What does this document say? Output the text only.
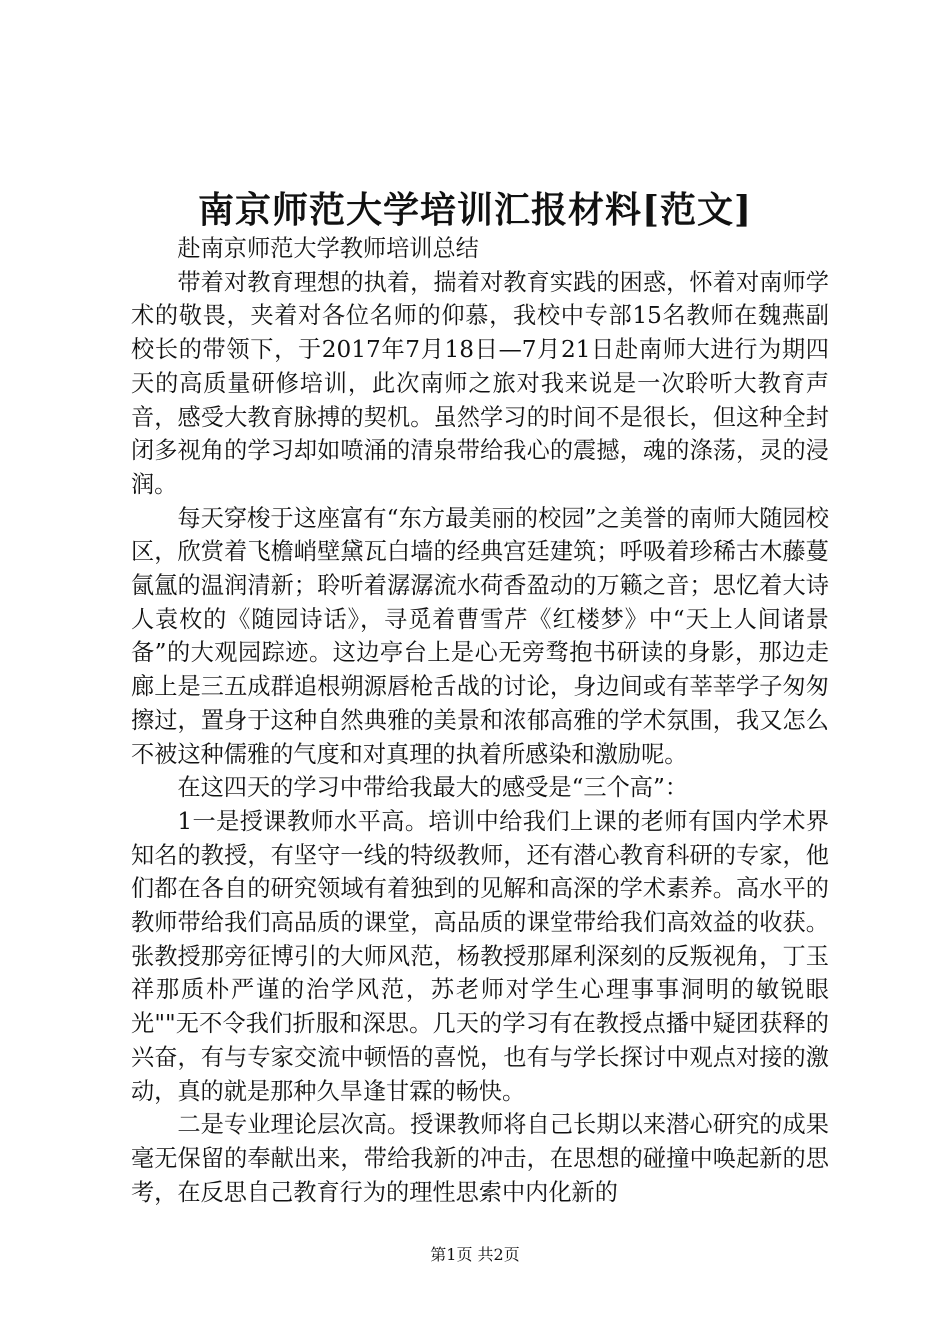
南京师范大学培训汇报材料[范文]

赴南京师范大学教师培训总结

带着对教育理想的执着，揣着对教育实践的困惑，怀着对南师学术的敬畏，夹着对各位名师的仰慕，我校中专部15名教师在魏燕副校长的带领下，于2017年7月18日—7月21日赴南师大进行为期四天的高质量研修培训，此次南师之旅对我来说是一次聆听大教育声音，感受大教育脉搏的契机。虽然学习的时间不是很长，但这种全封闭多视角的学习却如喷涌的清泉带给我心的震撼，魂的涤荡，灵的浸润。

每天穿梭于这座富有“东方最美丽的校园”之美誉的南师大随园校区，欣赏着飞檐峭壁黛瓦白墙的经典宫廷建筑；呼吸着珍稀古木藤蔓氤氲的温润清新；聆听着潺潺流水荷香盈动的万籁之音；思忆着大诗人袁枚的《随园诗话》，寻觅着曹雪芹《红楼梦》中“天上人间诸景备”的大观园踪迹。这边亭台上是心无旁骛抱书研读的身影，那边走廊上是三五成群追根朔源唇枪舌战的讨论，身边间或有莘莘学子匆匆擦过，置身于这种自然典雅的美景和浓郁高雅的学术氛围，我又怎么不被这种儒雅的气度和对真理的执着所感染和激励呢。

在这四天的学习中带给我最大的感受是“三个高”：

1一是授课教师水平高。培训中给我们上课的老师有国内学术界知名的教授，有坚守一线的特级教师，还有潜心教育科研的专家，他们都在各自的研究领域有着独到的见解和高深的学术素养。高水平的教师带给我们高品质的课堂，高品质的课堂带给我们高效益的收获。张教授那旁征博引的大师风范，杨教授那犀利深刻的反叛视角，丁玉祥那质朴严谨的治学风范，苏老师对学生心理事事洞明的敏锐眼光""无不令我们折服和深思。几天的学习有在教授点播中疑团获释的兴奋，有与专家交流中顿悟的喜悦，也有与学长探讨中观点对接的激动，真的就是那种久旱逢甘霖的畅快。

二是专业理论层次高。授课教师将自己长期以来潜心研究的成果毫无保留的奉献出来，带给我新的冲击，在思想的碰撞中唤起新的思考，在反思自己教育行为的理性思索中内化新的

第1页 共2页
